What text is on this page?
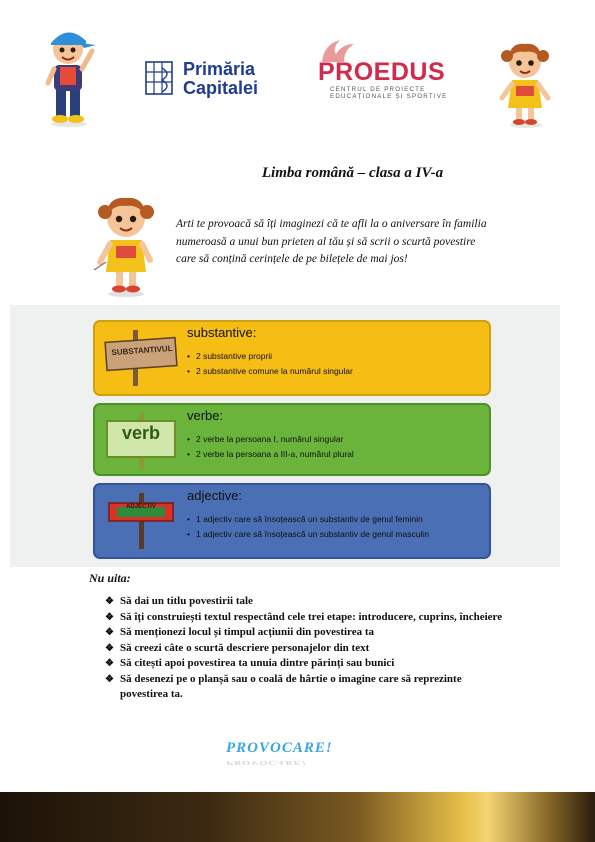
Primăria
Capitalei
PROEDUS
CENTRUL DE PROIECTE
EDUCAȚIONALE ȘI SPORTIVE
Limba română – clasa a IV-a
Arti te provoacă să îți imaginezi că te afli la o aniversare în familia numeroasă a unui bun prieten al tău și să scrii o scurtă povestire care să conțină cerințele de pe bilețele de mai jos!
SUBSTANTIVUL
substantive:
• 2 substantive proprii
• 2 substantive comune la numărul singular
verb
verbe:
• 2 verbe la persoana I, numărul singular
• 2 verbe la persoana a III-a, numărul plural
ADJECTIV
adjective:
• 1 adjectiv care să însoțească un substantiv de genul feminin
• 1 adjectiv care să însoțească un substantiv de genul masculin
Nu uita:
❖ Să dai un titlu povestirii tale
❖ Să îți construiești textul respectând cele trei etape: introducere, cuprins, încheiere
❖ Să menționezi locul și timpul acțiunii din povestirea ta
❖ Să creezi câte o scurtă descriere personajelor din text
❖ Să citești apoi povestirea ta unuia dintre părinți sau bunici
❖ Să desenezi pe o planșă sau o coală de hârtie o imagine care să reprezinte povestirea ta.
PROVOCARE!
PROVOCARE!
